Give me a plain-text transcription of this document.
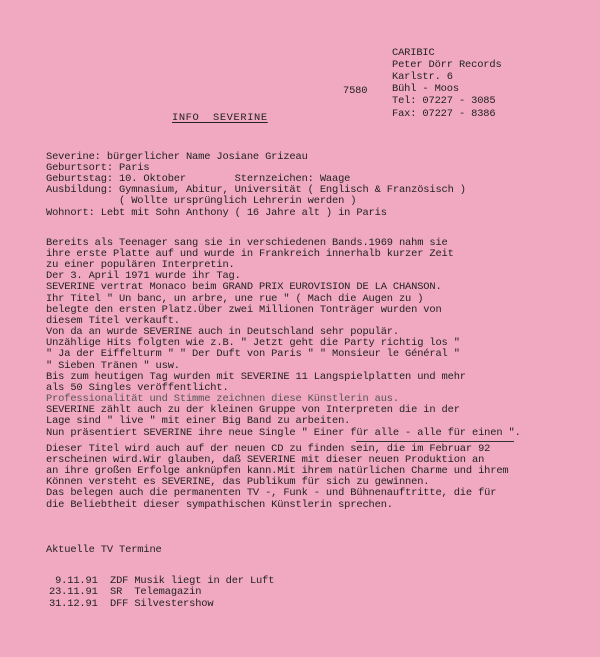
CARIBIC
Peter Dörr Records
Karlstr. 6
7580 Bühl - Moos
Tel: 07227 - 3085
Fax: 07227 - 8386
INFO  SEVERINE
Severine: bürgerlicher Name Josiane Grizeau
Geburtsort: Paris
Geburtstag: 10. Oktober        Sternzeichen: Waage
Ausbildung: Gymnasium, Abitur, Universität ( Englisch & Französisch )
( Wollte ursprünglich Lehrerin werden )
Wohnort: Lebt mit Sohn Anthony ( 16 Jahre alt ) in Paris
Bereits als Teenager sang sie in verschiedenen Bands.1969 nahm sie
ihre erste Platte auf und wurde in Frankreich innerhalb kurzer Zeit
zu einer populären Interpretin.
Der 3. April 1971 wurde ihr Tag.
SEVERINE vertrat Monaco beim GRAND PRIX EUROVISION DE LA CHANSON.
Ihr Titel " Un banc, un arbre, une rue " ( Mach die Augen zu )
belegte den ersten Platz.Über zwei Millionen Tonträger wurden von
diesem Titel verkauft.
Von da an wurde SEVERINE auch in Deutschland sehr populär.
Unzählige Hits folgten wie z.B. " Jetzt geht die Party richtig los "
" Ja der Eiffelturm " " Der Duft von Paris " " Monsieur le Général "
" Sieben Tränen " usw.
Bis zum heutigen Tag wurden mit SEVERINE 11 Langspielplatten und mehr
als 50 Singles veröffentlicht.
Professionalität und Stimme zeichnen diese Künstlerin aus.
SEVERINE zählt auch zu der kleinen Gruppe von Interpreten die in der
Lage sind " live " mit einer Big Band zu arbeiten.
Nun präsentiert SEVERINE ihre neue Single " Einer für alle - alle für einen ".
Dieser Titel wird auch auf der neuen CD zu finden sein, die im Februar 92
erscheinen wird.Wir glauben, daß SEVERINE mit dieser neuen Produktion an
an ihre großen Erfolge anknüpfen kann.Mit ihrem natürlichen Charme und ihrem
Können versteht es SEVERINE, das Publikum für sich zu gewinnen.
Das belegen auch die permanenten TV -, Funk - und Bühnenauftritte, die für
die Beliebtheit dieser sympathischen Künstlerin sprechen.
Aktuelle TV Termine
9.11.91 ZDF Musik liegt in der Luft
23.11.91 SR  Telemagazin
31.12.91 DFF Silvestershow
